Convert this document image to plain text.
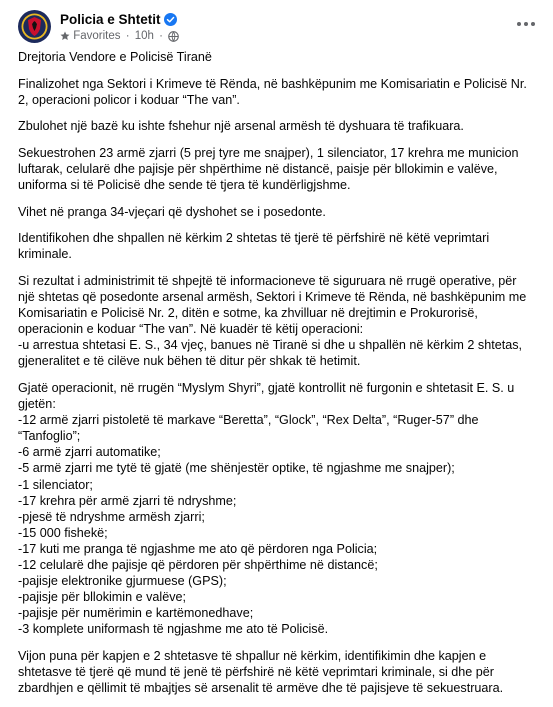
Policia e Shtetit
Favorites · 10h ·

Drejtoria Vendore e Policisë Tiranë

Finalizohet nga Sektori i Krimeve të Rënda, në bashkëpunim me Komisariatin e Policisë Nr. 2, operacioni policor i koduar “The van”.

Zbulohet një bazë ku ishte fshehur një arsenal armësh të dyshuara të trafikuara.

Sekuestrohen 23 armë zjarri (5 prej tyre me snajper), 1 silenciator, 17 krehra me municion luftarak, celularë dhe pajisje për shpërthime në distancë, paisje për bllokimin e valëve, uniforma si të Policisë dhe sende të tjera të kundërligjshme.

Vihet në pranga 34-vjeçari që dyshohet se i posedonte.

Identifikohen dhe shpallen në kërkim 2 shtetas të tjerë të përfshirë në këtë veprimtari kriminale.

Si rezultat i administrimit të shpejtë të informacioneve të siguruara në rrugë operative, për një shtetas që posedonte arsenal armësh, Sektori i Krimeve të Rënda, në bashkëpunim me Komisariatin e Policisë Nr. 2, ditën e sotme, ka zhvilluar në drejtimin e Prokurorisë, operacionin e koduar “The van”. Në kuadër të këtij operacioni:
-u arrestua shtetasi E. S., 34 vjeç, banues në Tiranë si dhe u shpallën në kërkim 2 shtetas, gjeneralitet e të cilëve nuk bëhen të ditur për shkak të hetimit.

Gjatë operacionit, në rrugën “Myslym Shyri”, gjatë kontrollit në furgonin e shtetasit E. S. u gjetën:
-12 armë zjarri pistoletë të markave “Beretta”, “Glock”, “Rex Delta”, “Ruger-57” dhe “Tanfoglio”;
-6 armë zjarri automatike;
-5 armë zjarri me tytë të gjatë (me shënjestër optike, të ngjashme me snajper);
-1 silenciator;
-17 krehra për armë zjarri të ndryshme;
-pjesë të ndryshme armësh zjarri;
-15 000 fishekë;
-17 kuti me pranga të ngjashme me ato që përdoren nga Policia;
-12 celularë dhe pajisje që përdoren për shpërthime në distancë;
-pajisje elektronike gjurmuese (GPS);
-pajisje për bllokimin e valëve;
-pajisje për numërimin e kartëmonedhave;
-3 komplete uniformash të ngjashme me ato të Policisë.

Vijon puna për kapjen e 2 shtetasve të shpallur në kërkim, identifikimin dhe kapjen e shtetasve të tjerë që mund të jenë të përfshirë në këtë veprimtari kriminale, si dhe për zbardhjen e qëllimit të mbajtjes së arsenalit të armëve dhe të pajisjeve të sekuestruara.
